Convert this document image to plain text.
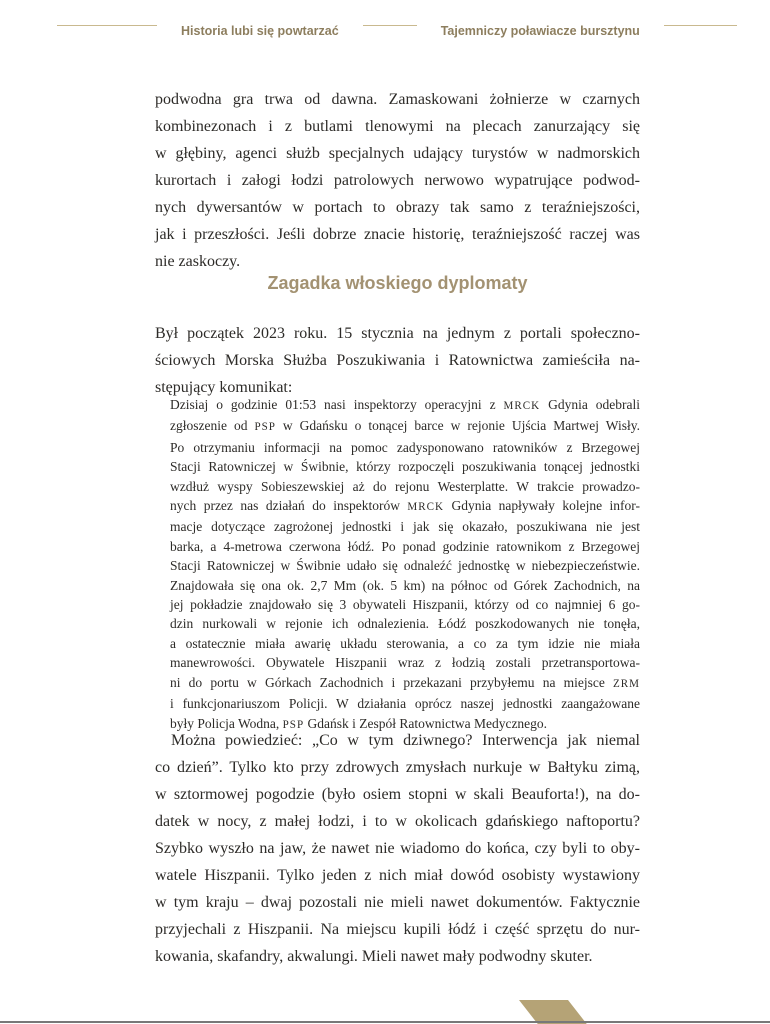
Historia lubi się powtarzać	Tajemniczy poławiacze bursztynu
podwodna gra trwa od dawna. Zamaskowani żołnierze w czarnych
kombinezonach i z butlami tlenowymi na plecach zanurzający się
w głębiny, agenci służb specjalnych udający turystów w nadmorskich
kurortach i załogi łodzi patrolowych nerwowo wypatrujące podwod-
nych dywersantów w portach to obrazy tak samo z teraźniejszości,
jak i przeszłości. Jeśli dobrze znacie historię, teraźniejszość raczej was
nie zaskoczy.
Zagadka włoskiego dyplomaty
Był początek 2023 roku. 15 stycznia na jednym z portali społeczno-
ściowych Morska Służba Poszukiwania i Ratownictwa zamieściła na-
stępujący komunikat:
Dzisiaj o godzinie 01:53 nasi inspektorzy operacyjni z MRCK Gdynia odebrali
zgłoszenie od PSP w Gdańsku o tonącej barce w rejonie Ujścia Martwej Wisły.
Po otrzymaniu informacji na pomoc zadysponowano ratowników z Brzegowej
Stacji Ratowniczej w Świbnie, którzy rozpoczęli poszukiwania tonącej jednostki
wzdłuż wyspy Sobieszewskiej aż do rejonu Westerplatte. W trakcie prowadzo-
nych przez nas działań do inspektorów MRCK Gdynia napływały kolejne infor-
macje dotyczące zagrożonej jednostki i jak się okazało, poszukiwana nie jest
barka, a 4-metrowa czerwona łódź. Po ponad godzinie ratownikom z Brzegowej
Stacji Ratowniczej w Świbnie udało się odnaleźć jednostkę w niebezpieczeństwie.
Znajdowała się ona ok. 2,7 Mm (ok. 5 km) na północ od Górek Zachodnich, na
jej pokładzie znajdowało się 3 obywateli Hiszpanii, którzy od co najmniej 6 go-
dzin nurkowali w rejonie ich odnalezienia. Łódź poszkodowanych nie tonęła,
a ostatecznie miała awarię układu sterowania, a co za tym idzie nie miała
manewrowości. Obywatele Hiszpanii wraz z łodzią zostali przetransportowa-
ni do portu w Górkach Zachodnich i przekazani przybyłemu na miejsce ZRM
i funkcjonariuszom Policji. W działania oprócz naszej jednostki zaangażowane
były Policja Wodna, PSP Gdańsk i Zespół Ratownictwa Medycznego.
Można powiedzieć: „Co w tym dziwnego? Interwencja jak niemal
co dzień”. Tylko kto przy zdrowych zmysłach nurkuje w Bałtyku zimą,
w sztormowej pogodzie (było osiem stopni w skali Beauforta!), na do-
datek w nocy, z małej łodzi, i to w okolicach gdańskiego naftoportu?
Szybko wyszło na jaw, że nawet nie wiadomo do końca, czy byli to oby-
watele Hiszpanii. Tylko jeden z nich miał dowód osobisty wystawiony
w tym kraju – dwaj pozostali nie mieli nawet dokumentów. Faktycznie
przyjechali z Hiszpanii. Na miejscu kupili łódź i część sprzętu do nur-
kowania, skafandry, akwalungi. Mieli nawet mały podwodny skuter.
